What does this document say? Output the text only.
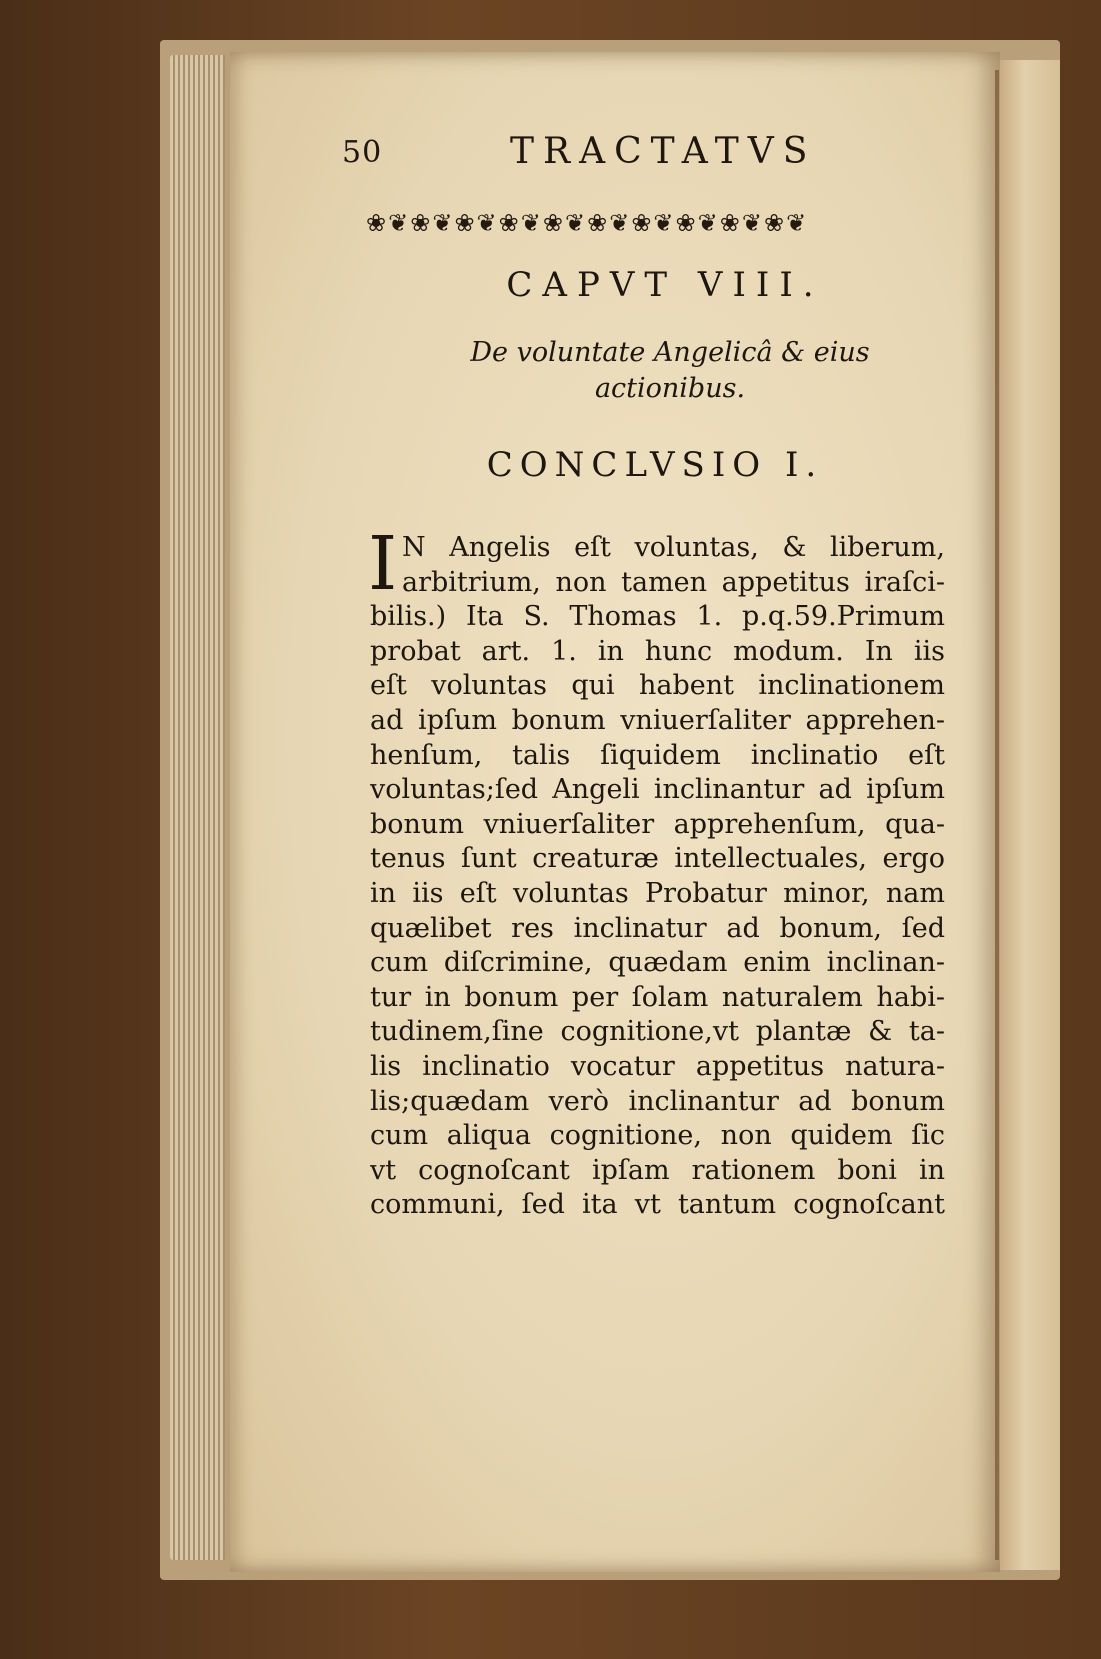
50	TRACTATVS
❀❦❀❦❀❦❀❦❀❦❀❦❀❦❀❦❀❦❀❦
CAPVT VIII.
De voluntate Angelicâ & eius
actionibus.
CONCLVSIO I.
I N Angelis eſt voluntas, & liberum,
arbitrium, non tamen appetitus iraſci-
bilis.) Ita S. Thomas 1. p.q.59.Primum
probat art. 1. in hunc modum. In iis
eſt voluntas qui habent inclinationem
ad ipſum bonum vniuerſaliter apprehen-
henſum, talis ſiquidem inclinatio eſt
voluntas;ſed Angeli inclinantur ad ipſum
bonum vniuerſaliter apprehenſum, qua-
tenus ſunt creaturæ intellectuales, ergo
in iis eſt voluntas Probatur minor, nam
quælibet res inclinatur ad bonum, ſed
cum diſcrimine, quædam enim inclinan-
tur in bonum per ſolam naturalem habi-
tudinem,ſine cognitione,vt plantæ & ta-
lis inclinatio vocatur appetitus natura-
lis;quædam verò inclinantur ad bonum
cum aliqua cognitione, non quidem ſic
vt cognoſcant ipſam rationem boni in
communi, ſed ita vt tantum cognoſcant
